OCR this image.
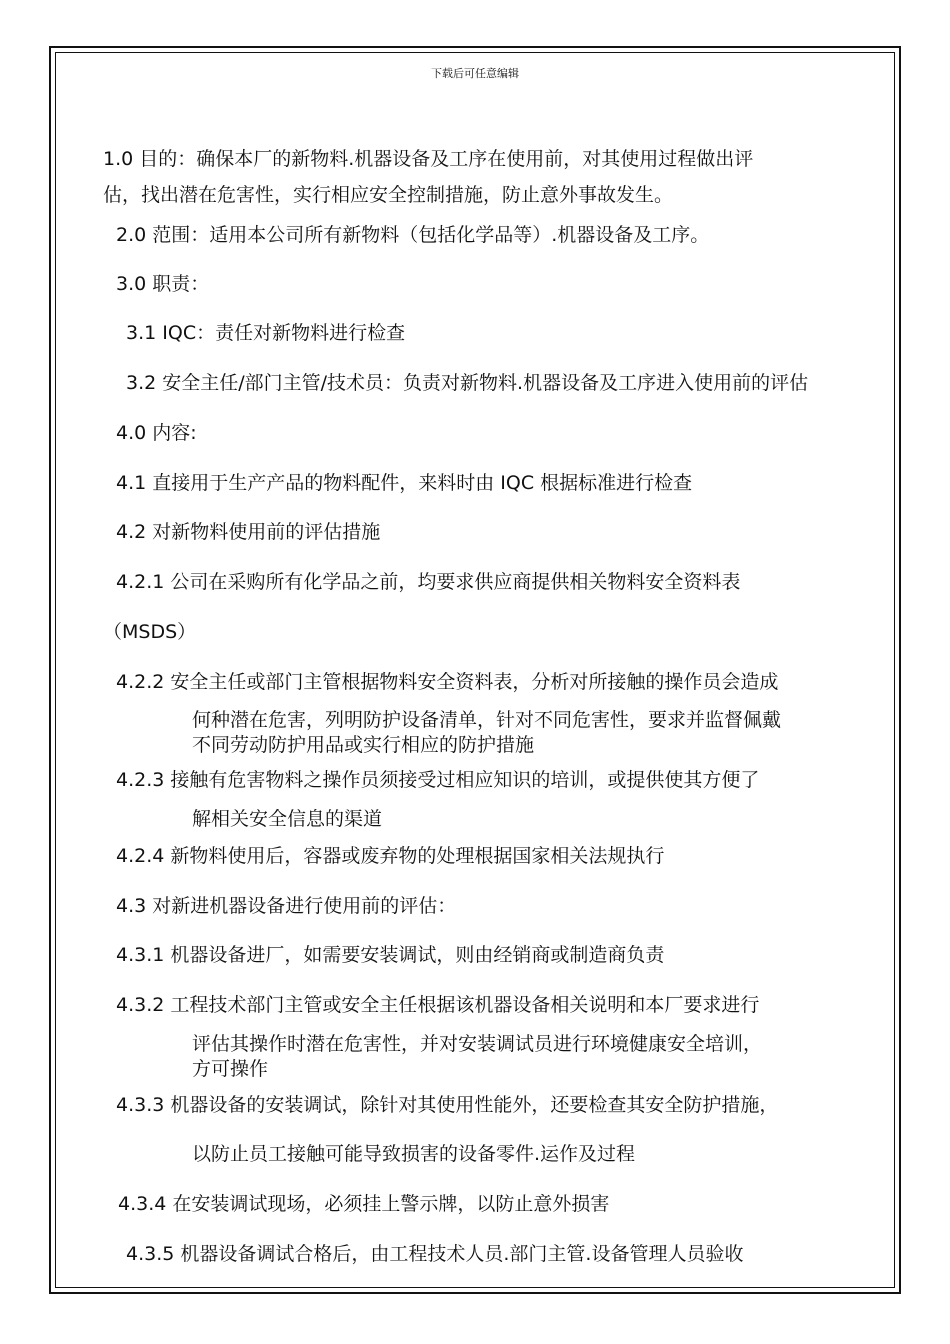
下载后可任意编辑
1.0 目的：确保本厂的新物料.机器设备及工序在使用前，对其使用过程做出评
估，找出潜在危害性，实行相应安全控制措施，防止意外事故发生。
2.0 范围：适用本公司所有新物料（包括化学品等）.机器设备及工序。
3.0 职责：
3.1 IQC：责任对新物料进行检查
3.2 安全主任/部门主管/技术员：负责对新物料.机器设备及工序进入使用前的评估
4.0 内容:
4.1 直接用于生产产品的物料配件，来料时由 IQC 根据标准进行检查
4.2 对新物料使用前的评估措施
4.2.1 公司在采购所有化学品之前，均要求供应商提供相关物料安全资料表
（MSDS）
4.2.2 安全主任或部门主管根据物料安全资料表，分析对所接触的操作员会造成
何种潜在危害，列明防护设备清单，针对不同危害性，要求并监督佩戴
不同劳动防护用品或实行相应的防护措施
4.2.3 接触有危害物料之操作员须接受过相应知识的培训，或提供使其方便了
解相关安全信息的渠道
4.2.4 新物料使用后，容器或废弃物的处理根据国家相关法规执行
4.3 对新进机器设备进行使用前的评估：
4.3.1 机器设备进厂，如需要安装调试，则由经销商或制造商负责
4.3.2 工程技术部门主管或安全主任根据该机器设备相关说明和本厂要求进行
评估其操作时潜在危害性，并对安装调试员进行环境健康安全培训，
方可操作
4.3.3 机器设备的安装调试，除针对其使用性能外，还要检查其安全防护措施，
以防止员工接触可能导致损害的设备零件.运作及过程
4.3.4 在安装调试现场，必须挂上警示牌，以防止意外损害
4.3.5 机器设备调试合格后，由工程技术人员.部门主管.设备管理人员验收
